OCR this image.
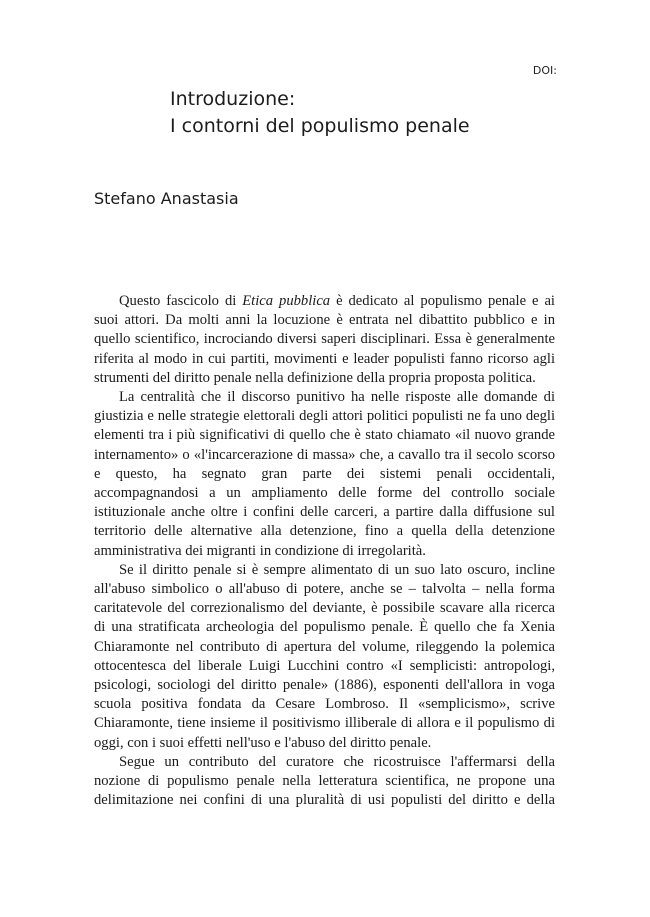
DOI:
Introduzione:
I contorni del populismo penale
Stefano Anastasia

Questo fascicolo di Etica pubblica è dedicato al populismo penale e ai suoi attori. Da molti anni la locuzione è entrata nel dibattito pubblico e in quello scientifico, incrociando diversi saperi disciplinari. Essa è generalmente riferita al modo in cui partiti, movimenti e leader populisti fanno ricorso agli strumenti del diritto penale nella definizione della propria proposta politica.

La centralità che il discorso punitivo ha nelle risposte alle domande di giustizia e nelle strategie elettorali degli attori politici populisti ne fa uno degli elementi tra i più significativi di quello che è stato chiamato «il nuovo grande internamento» o «l'incarcerazione di massa» che, a cavallo tra il secolo scorso e questo, ha segnato gran parte dei sistemi penali occidentali, accompagnandosi a un ampliamento delle forme del controllo sociale istituzionale anche oltre i confini delle carceri, a partire dalla diffusione sul territorio delle alternative alla detenzione, fino a quella della detenzione amministrativa dei migranti in condizione di irregolarità.

Se il diritto penale si è sempre alimentato di un suo lato oscuro, incline all'abuso simbolico o all'abuso di potere, anche se – talvolta – nella forma caritatevole del correzionalismo del deviante, è possibile scavare alla ricerca di una stratificata archeologia del populismo penale. È quello che fa Xenia Chiaramonte nel contributo di apertura del volume, rileggendo la polemica ottocentesca del liberale Luigi Lucchini contro «I semplicisti: antropologi, psicologi, sociologi del diritto penale» (1886), esponenti dell'allora in voga scuola positiva fondata da Cesare Lombroso. Il «semplicismo», scrive Chiaramonte, tiene insieme il positivismo illiberale di allora e il populismo di oggi, con i suoi effetti nell'uso e l'abuso del diritto penale.

Segue un contributo del curatore che ricostruisce l'affermarsi della nozione di populismo penale nella letteratura scientifica, ne propone una delimitazione nei confini di una pluralità di usi populisti del diritto e della
